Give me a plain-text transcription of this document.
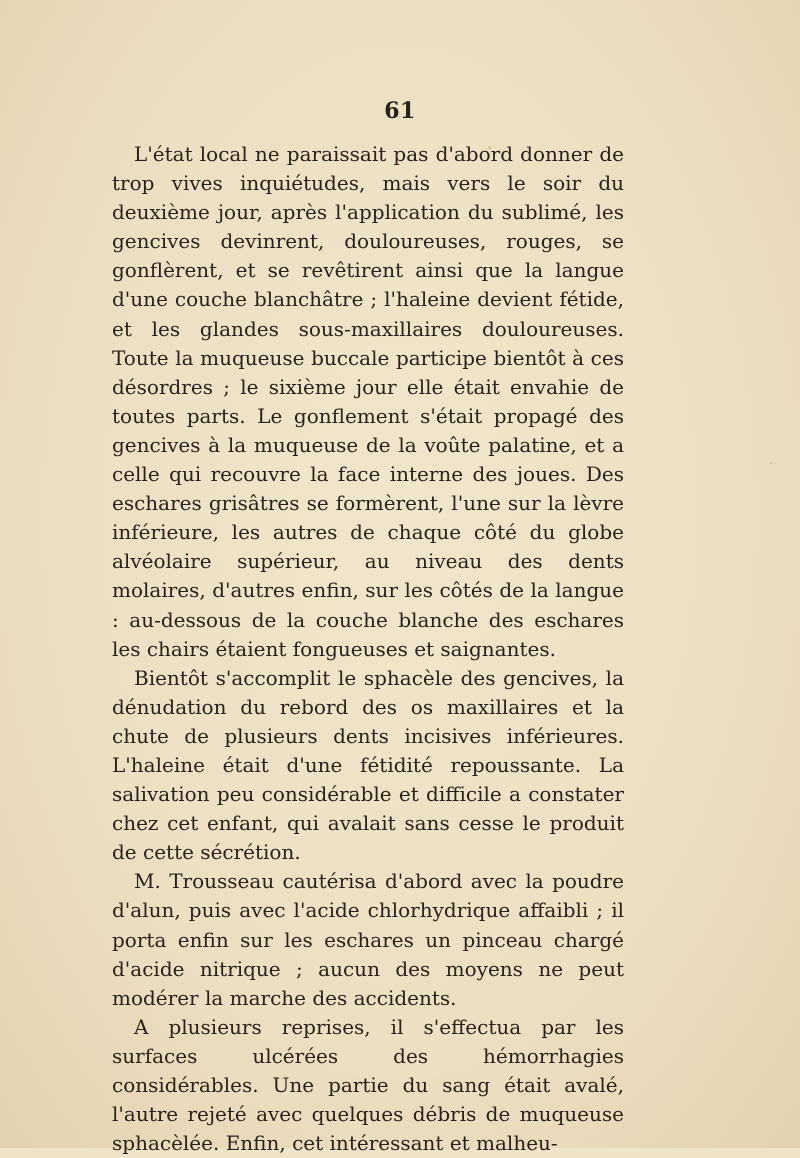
61

L'état local ne paraissait pas d'abord donner de trop vives inquiétudes, mais vers le soir du deuxième jour, après l'application du sublimé, les gencives devinrent, douloureuses, rouges, se gonflèrent, et se revêtirent ainsi que la langue d'une couche blanchâtre ; l'haleine devient fétide, et les glandes sous-maxillaires douloureuses. Toute la muqueuse buccale participe bientôt à ces désordres ; le sixième jour elle était envahie de toutes parts. Le gonflement s'était propagé des gencives à la muqueuse de la voûte palatine, et a celle qui recouvre la face interne des joues. Des eschares grisâtres se formèrent, l'une sur la lèvre inférieure, les autres de chaque côté du globe alvéolaire supérieur, au niveau des dents molaires, d'autres enfin, sur les côtés de la langue : au-dessous de la couche blanche des eschares les chairs étaient fongueuses et saignantes.

Bientôt s'accomplit le sphacèle des gencives, la dénudation du rebord des os maxillaires et la chute de plusieurs dents incisives inférieures. L'haleine était d'une fétidité repoussante. La salivation peu considérable et difficile a constater chez cet enfant, qui avalait sans cesse le produit de cette sécrétion.

M. Trousseau cautérisa d'abord avec la poudre d'alun, puis avec l'acide chlorhydrique affaibli ; il porta enfin sur les eschares un pinceau chargé d'acide nitrique ; aucun des moyens ne peut modérer la marche des accidents.

A plusieurs reprises, il s'effectua par les surfaces ulcérées des hémorrhagies considérables. Une partie du sang était avalé, l'autre rejeté avec quelques débris de muqueuse sphacèlée. Enfin, cet intéressant et malheu-
